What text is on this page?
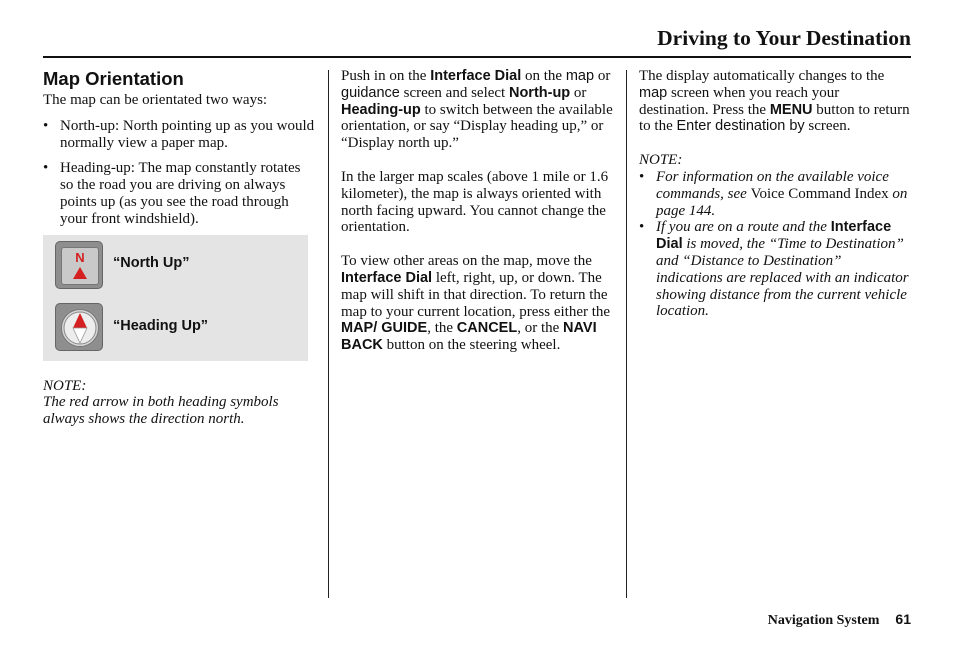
Driving to Your Destination
Map Orientation

The map can be orientated two ways:

• North-up: North pointing up as you would normally view a paper map.
• Heading-up: The map constantly rotates so the road you are driving on always points up (as you see the road through your front windshield).
N “North Up”
“Heading Up”

NOTE:

The red arrow in both heading symbols always shows the direction north.

Push in on the Interface Dial on the map or guidance screen and select North-up or Heading-up to switch between the available orientation, or say “Display heading up,” or “Display north up.”

In the larger map scales (above 1 mile or 1.6 kilometer), the map is always oriented with north facing upward. You cannot change the orientation.

To view other areas on the map, move the Interface Dial left, right, up, or down. The map will shift in that direction. To return the map to your current location, press either the MAP/ GUIDE, the CANCEL, or the NAVI BACK button on the steering wheel.

The display automatically changes to the map screen when you reach your destination. Press the MENU button to return to the Enter destination by screen.

NOTE:

• For information on the available voice commands, see Voice Command Index on page 144.
• If you are on a route and the Interface Dial is moved, the “Time to Destination” and “Distance to Destination” indications are replaced with an indicator showing distance from the current vehicle location.
Navigation System 61
